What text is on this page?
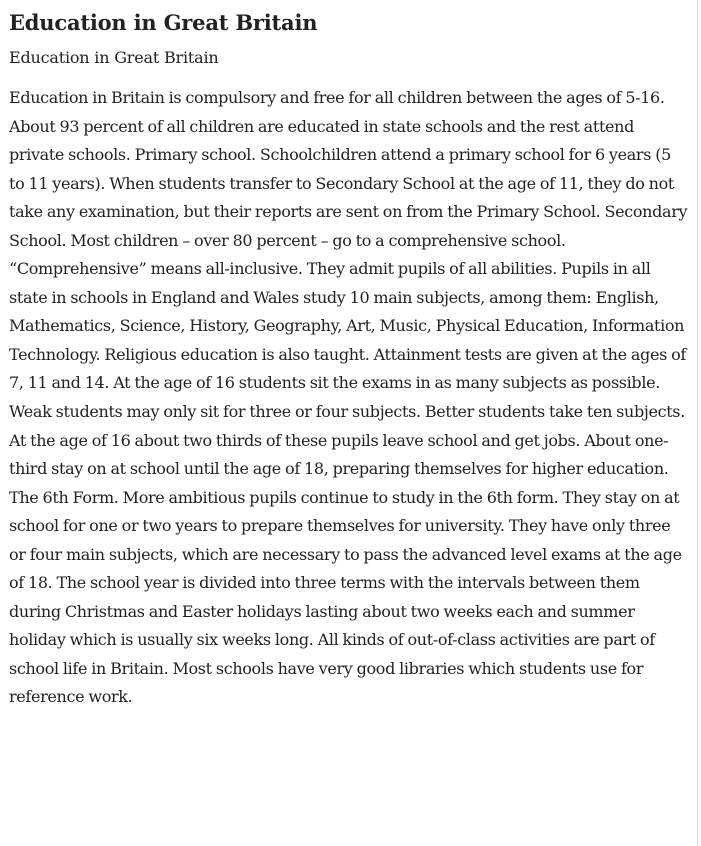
Education in Great Britain
Education in Great Britain

Education in Britain is compulsory and free for all children between the ages of 5-16. About 93 percent of all children are educated in state schools and the rest attend private schools. Primary school. Schoolchildren attend a primary school for 6 years (5 to 11 years). When students transfer to Secondary School at the age of 11, they do not take any examination, but their reports are sent on from the Primary School. Secondary School. Most children – over 80 percent – go to a comprehensive school. “Comprehensive” means all-inclusive. They admit pupils of all abilities. Pupils in all state in schools in England and Wales study 10 main subjects, among them: English, Mathematics, Science, History, Geography, Art, Music, Physical Education, Information Technology. Religious education is also taught. Attainment tests are given at the ages of 7, 11 and 14. At the age of 16 students sit the exams in as many subjects as possible. Weak students may only sit for three or four subjects. Better students take ten subjects. At the age of 16 about two thirds of these pupils leave school and get jobs. About one-third stay on at school until the age of 18, preparing themselves for higher education. The 6th Form. More ambitious pupils continue to study in the 6th form. They stay on at school for one or two years to prepare themselves for university. They have only three or four main subjects, which are necessary to pass the advanced level exams at the age of 18. The school year is divided into three terms with the intervals between them during Christmas and Easter holidays lasting about two weeks each and summer holiday which is usually six weeks long. All kinds of out-of-class activities are part of school life in Britain. Most schools have very good libraries which students use for reference work.
